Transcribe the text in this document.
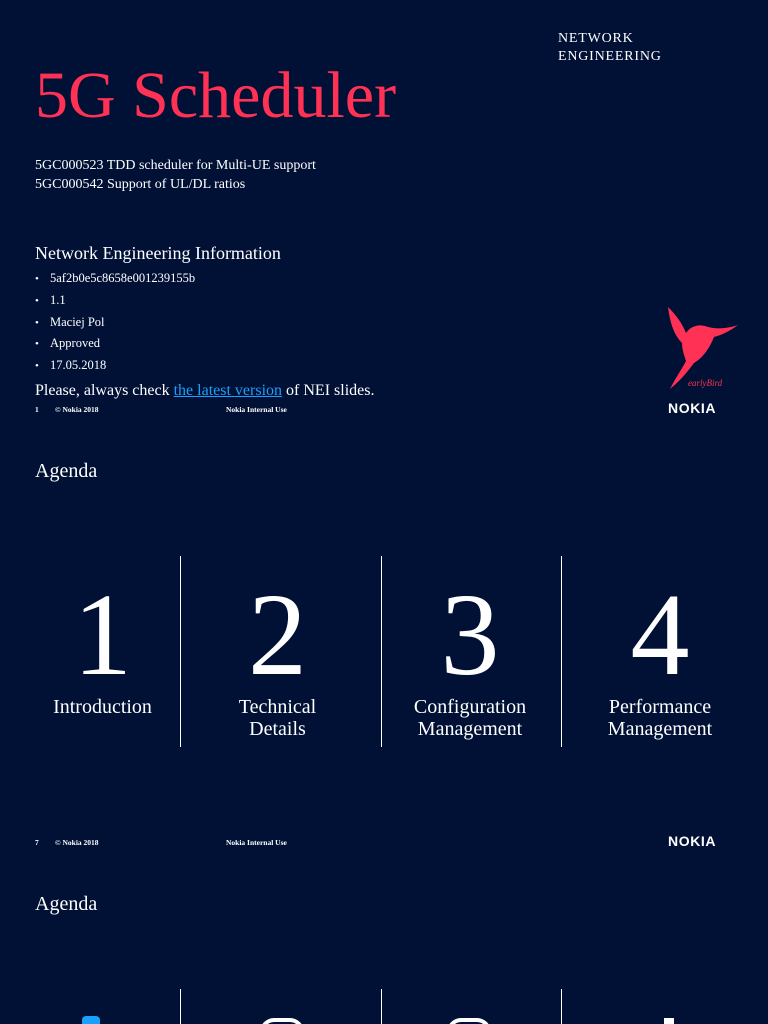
NETWORK
ENGINEERING
5G Scheduler
5GC000523 TDD scheduler for Multi-UE support
5GC000542 Support of UL/DL ratios
Network Engineering Information
• 5af2b0e5c8658e001239155b
• 1.1
• Maciej Pol
• Approved
• 17.05.2018
Please, always check the latest version of NEI slides.
1 © Nokia 2018	Nokia Internal Use
earlyBird
NOKIA
Agenda
1
Introduction
2
Technical
Details
3
Configuration
Management
4
Performance
Management
7 © Nokia 2018	Nokia Internal Use	NOKIA
Agenda
